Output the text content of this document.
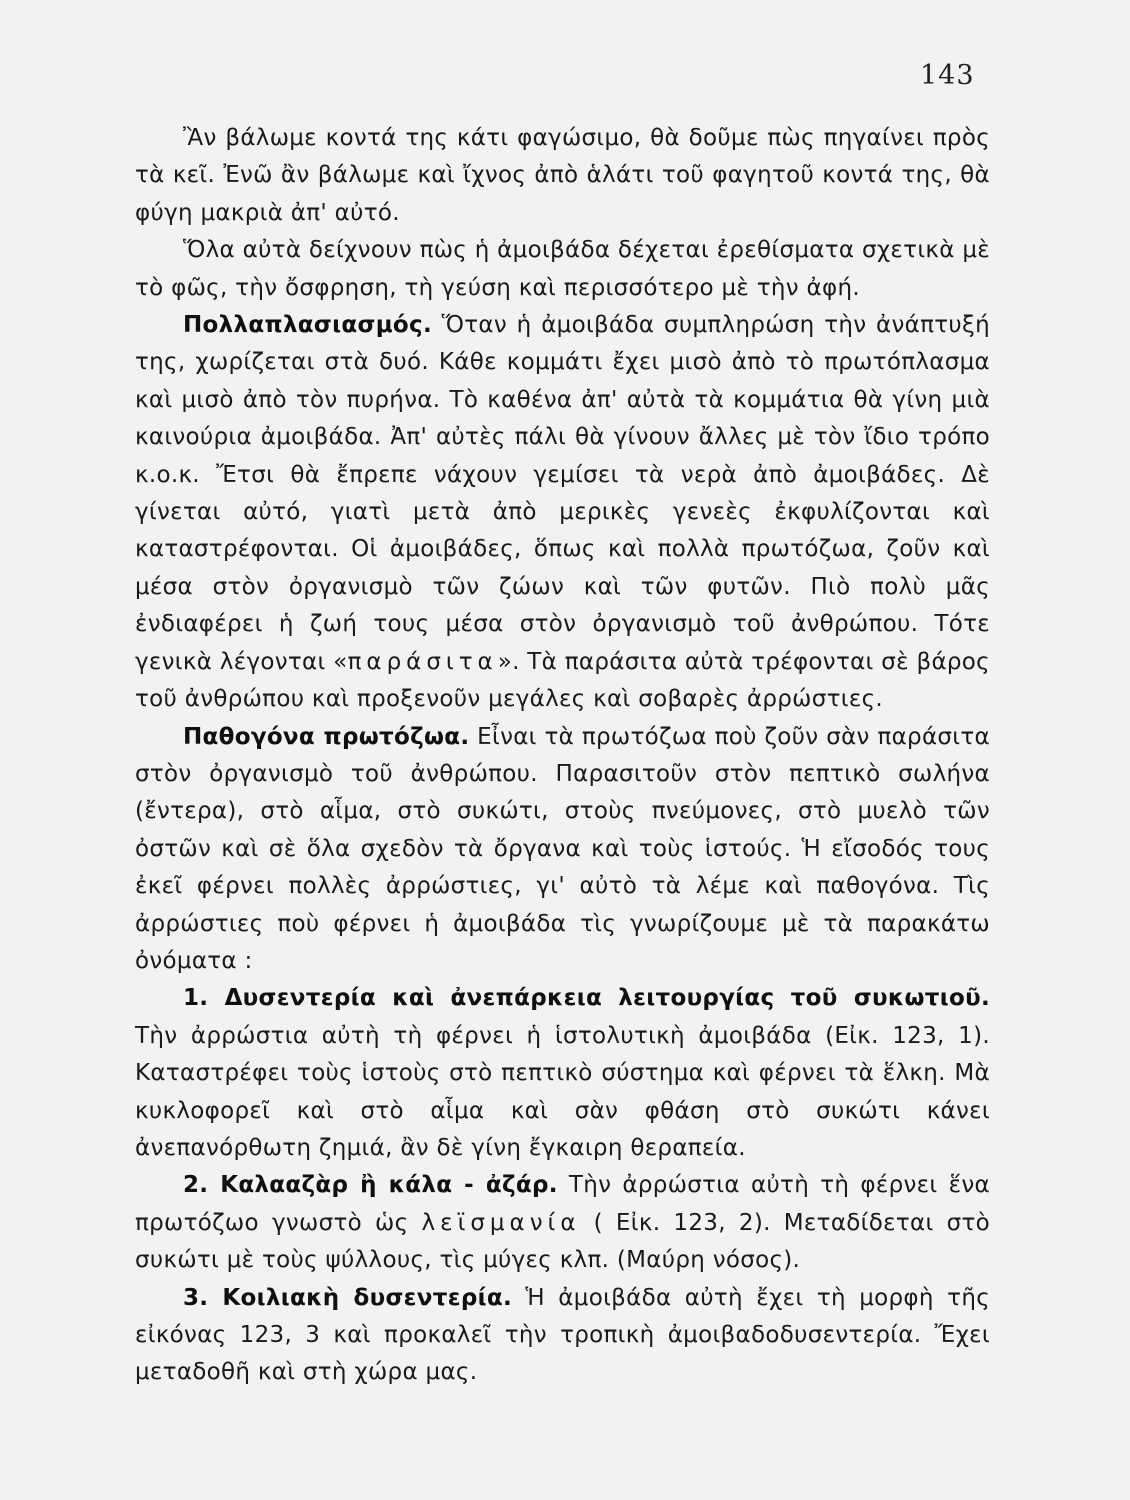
143

Ἂν βάλωμε κοντά της κάτι φαγώσιμο, θὰ δοῦμε πὼς πηγαίνει πρὸς τὰ κεῖ. Ἐνῶ ἂν βάλωμε καὶ ἴχνος ἀπὸ ἁλάτι τοῦ φαγητοῦ κοντά της, θὰ φύγη μακριὰ ἀπ' αὐτό.

Ὅλα αὐτὰ δείχνουν πὼς ἡ ἀμοιβάδα δέχεται ἐρεθίσματα σχετικὰ μὲ τὸ φῶς, τὴν ὄσφρηση, τὴ γεύση καὶ περισσότερο μὲ τὴν ἀφή.

Πολλαπλασιασμός. Ὅταν ἡ ἀμοιβάδα συμπληρώση τὴν ἀνάπτυξή της, χωρίζεται στὰ δυό. Κάθε κομμάτι ἔχει μισὸ ἀπὸ τὸ πρωτόπλασμα καὶ μισὸ ἀπὸ τὸν πυρήνα. Τὸ καθένα ἀπ' αὐτὰ τὰ κομμάτια θὰ γίνη μιὰ καινούρια ἀμοιβάδα. Ἀπ' αὐτὲς πάλι θὰ γίνουν ἄλλες μὲ τὸν ἴδιο τρόπο κ.ο.κ. Ἔτσι θὰ ἔπρεπε νάχουν γεμίσει τὰ νερὰ ἀπὸ ἀμοιβάδες. Δὲ γίνεται αὐτό, γιατὶ μετὰ ἀπὸ μερικὲς γενεὲς ἐκφυλίζονται καὶ καταστρέφονται. Οἱ ἀμοιβάδες, ὅπως καὶ πολλὰ πρωτόζωα, ζοῦν καὶ μέσα στὸν ὀργανισμὸ τῶν ζώων καὶ τῶν φυτῶν. Πιὸ πολὺ μᾶς ἐνδιαφέρει ἡ ζωή τους μέσα στὸν ὀργανισμὸ τοῦ ἀνθρώπου. Τότε γενικὰ λέγονται «παράσιτα». Τὰ παράσιτα αὐτὰ τρέφονται σὲ βάρος τοῦ ἀνθρώπου καὶ προξενοῦν μεγάλες καὶ σοβαρὲς ἀρρώστιες.

Παθογόνα πρωτόζωα. Εἶναι τὰ πρωτόζωα ποὺ ζοῦν σὰν παράσιτα στὸν ὀργανισμὸ τοῦ ἀνθρώπου. Παρασιτοῦν στὸν πεπτικὸ σωλήνα (ἔντερα), στὸ αἷμα, στὸ συκώτι, στοὺς πνεύμονες, στὸ μυελὸ τῶν ὀστῶν καὶ σὲ ὅλα σχεδὸν τὰ ὄργανα καὶ τοὺς ἱστούς. Ἡ εἴσοδός τους ἐκεῖ φέρνει πολλὲς ἀρρώστιες, γι' αὐτὸ τὰ λέμε καὶ παθογόνα. Τὶς ἀρρώστιες ποὺ φέρνει ἡ ἀμοιβάδα τὶς γνωρίζουμε μὲ τὰ παρακάτω ὀνόματα :

1. Δυσεντερία καὶ ἀνεπάρκεια λειτουργίας τοῦ συκωτιοῦ. Τὴν ἀρρώστια αὐτὴ τὴ φέρνει ἡ ἱστολυτικὴ ἀμοιβάδα (Εἰκ. 123, 1). Καταστρέφει τοὺς ἱστοὺς στὸ πεπτικὸ σύστημα καὶ φέρνει τὰ ἕλκη. Μὰ κυκλοφορεῖ καὶ στὸ αἷμα καὶ σὰν φθάση στὸ συκώτι κάνει ἀνεπανόρθωτη ζημιά, ἂν δὲ γίνη ἔγκαιρη θεραπεία.

2. Καλααζὰρ ἢ κάλα - ἀζάρ. Τὴν ἀρρώστια αὐτὴ τὴ φέρνει ἕνα πρωτόζωο γνωστὸ ὡς λεϊσμανία ( Εἰκ. 123, 2). Μεταδίδεται στὸ συκώτι μὲ τοὺς ψύλλους, τὶς μύγες κλπ. (Μαύρη νόσος).

3. Κοιλιακὴ δυσεντερία. Ἡ ἀμοιβάδα αὐτὴ ἔχει τὴ μορφὴ τῆς εἰκόνας 123, 3 καὶ προκαλεῖ τὴν τροπικὴ ἀμοιβαδοδυσεντερία. Ἔχει μεταδοθῆ καὶ στὴ χώρα μας.
